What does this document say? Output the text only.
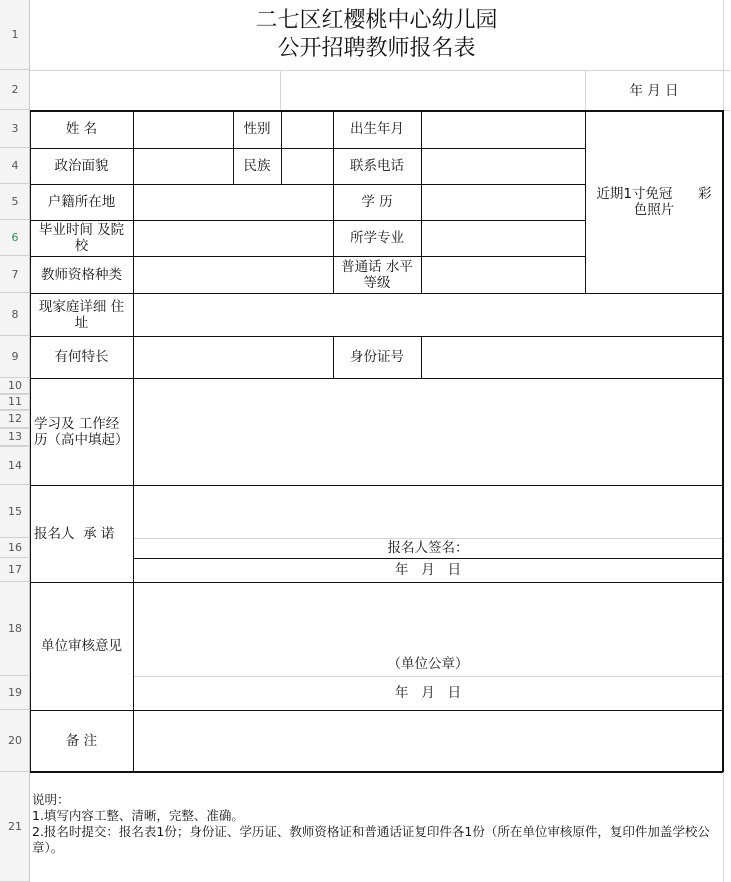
1
2
3
4
5
6
7
8
9
10
11
12
13
14
15
16
17
18
19
20
21
二七区红樱桃中心幼儿园
公开招聘教师报名表
年 月 日
姓 名	性别	出生年月
近期1寸免冠      彩
色照片
政治面貌	民族	联系电话
户籍所在地	学 历
毕业时间 及院校	所学专业
教师资格种类	普通话 水平等级
现家庭详细 住址
有何特长	身份证号
学习及 工作经历（高中填起）
报名人  承 诺
报名人签名：
年   月   日
单位审核意见
（单位公章）
年   月   日
备 注
说明：
1.填写内容工整、清晰，完整、准确。
2.报名时提交：报名表1份；身份证、学历证、教师资格证和普通话证复印件各1份（所在单位审核原件，复印件加盖学校公章）。
